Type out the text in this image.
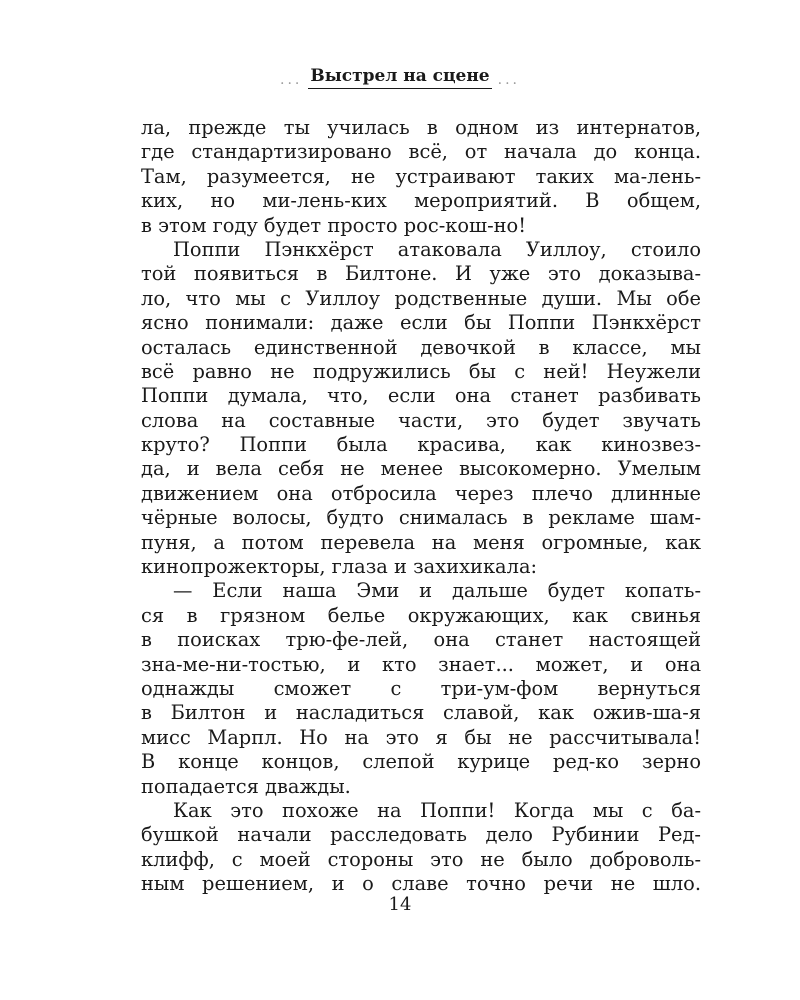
... Выстрел на сцене ...
ла, прежде ты училась в одном из интернатов,
где стандартизировано всё, от начала до конца.
Там, разумеется, не устраивают таких ма-лень-
ких, но ми-лень-ких мероприятий. В общем,
в этом году будет просто рос-кош-но!
Поппи Пэнкхёрст атаковала Уиллоу, стоило
той появиться в Билтоне. И уже это доказыва-
ло, что мы с Уиллоу родственные души. Мы обе
ясно понимали: даже если бы Поппи Пэнкхёрст
осталась единственной девочкой в классе, мы
всё равно не подружились бы с ней! Неужели
Поппи думала, что, если она станет разбивать
слова на составные части, это будет звучать
круто? Поппи была красива, как кинозвез-
да, и вела себя не менее высокомерно. Умелым
движением она отбросила через плечо длинные
чёрные волосы, будто снималась в рекламе шам-
пуня, а потом перевела на меня огромные, как
кинопрожекторы, глаза и захихикала:
— Если наша Эми и дальше будет копать-
ся в грязном белье окружающих, как свинья
в поисках трю-фе-лей, она станет настоящей
зна-ме-ни-тостью, и кто знает... может, и она
однажды сможет с три-ум-фом вернуться
в Билтон и насладиться славой, как ожив-ша-я
мисс Марпл. Но на это я бы не рассчитывала!
В конце концов, слепой курице ред-ко зерно
попадается дважды.
Как это похоже на Поппи! Когда мы с ба-
бушкой начали расследовать дело Рубинии Ред-
клифф, с моей стороны это не было доброволь-
ным решением, и о славе точно речи не шло.
14
